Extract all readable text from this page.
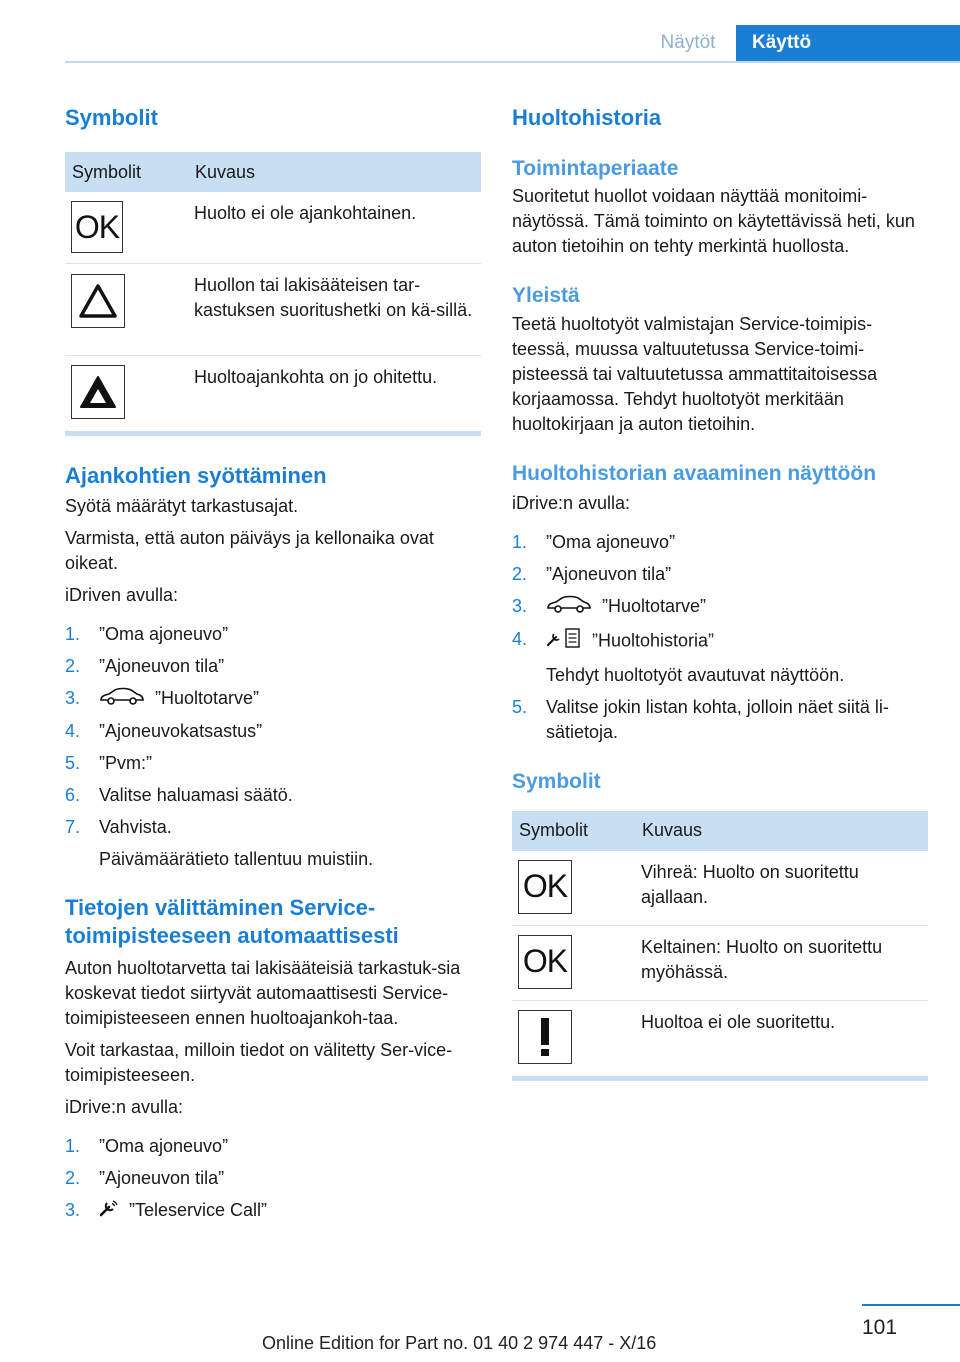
Näytöt	Käyttö
Symbolit
Symbolit	Kuvaus

OK	Huolto ei ole ajankohtainen.

	Huollon tai lakisääteisen tar-kastuksen suoritushetki on kä-sillä.

	Huoltoajankohta on jo ohitettu.
Ajankohtien syöttäminen

Syötä määrätyt tarkastusajat.

Varmista, että auton päiväys ja kellonaika ovat oikeat.

iDriven avulla:

1. ”Oma ajoneuvo”
2. ”Ajoneuvon tila”
3.	”Huoltotarve”
4. ”Ajoneuvokatsastus”
5. ”Pvm:”
6. Valitse haluamasi säätö.
7. Vahvista.
Päivämäärätieto tallentuu muistiin.
Tietojen välittäminen Service-toimipisteeseen automaattisesti

Auton huoltotarvetta tai lakisääteisiä tarkastuk-sia koskevat tiedot siirtyvät automaattisesti Service-toimipisteeseen ennen huoltoajankoh-taa.

Voit tarkastaa, milloin tiedot on välitetty Ser-vice-toimipisteeseen.

iDrive:n avulla:

1. ”Oma ajoneuvo”
2. ”Ajoneuvon tila”
3.	”Teleservice Call”
Huoltohistoria
Toimintaperiaate

Suoritetut huollot voidaan näyttää monitoimi-näytössä. Tämä toiminto on käytettävissä heti, kun auton tietoihin on tehty merkintä huollosta.

Yleistä

Teetä huoltotyöt valmistajan Service-toimipis-teessä, muussa valtuutetussa Service-toimi-pisteessä tai valtuutetussa ammattitaitoisessa korjaamossa. Tehdyt huoltotyöt merkitään huoltokirjaan ja auton tietoihin.

Huoltohistorian avaaminen näyttöön

iDrive:n avulla:

1. ”Oma ajoneuvo”
2. ”Ajoneuvon tila”
3.	”Huoltotarve”
4.	”Huoltohistoria”
Tehdyt huoltotyöt avautuvat näyttöön.
5. Valitse jokin listan kohta, jolloin näet siitä li-sätietoja.
Symbolit
Symbolit	Kuvaus

OK	Vihreä: Huolto on suoritettu ajallaan.

OK	Keltainen: Huolto on suoritettu myöhässä.

	Huoltoa ei ole suoritettu.
101
Online Edition for Part no. 01 40 2 974 447 - X/16
